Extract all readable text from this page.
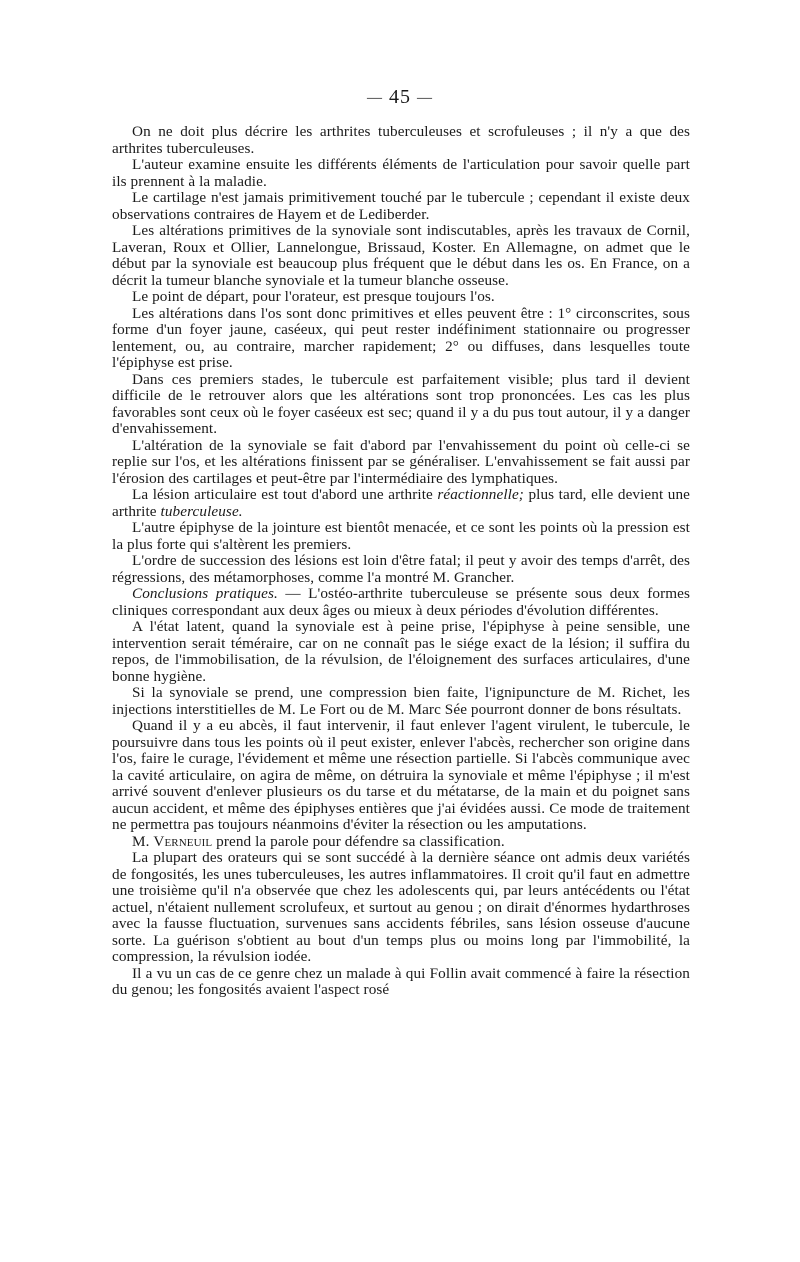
— 45 —

On ne doit plus décrire les arthrites tuberculeuses et scrofuleuses ; il n'y a que des arthrites tuberculeuses.

L'auteur examine ensuite les différents éléments de l'articulation pour savoir quelle part ils prennent à la maladie.

Le cartilage n'est jamais primitivement touché par le tubercule ; cependant il existe deux observations contraires de Hayem et de Lediberder.

Les altérations primitives de la synoviale sont indiscutables, après les travaux de Cornil, Laveran, Roux et Ollier, Lannelongue, Brissaud, Koster. En Allemagne, on admet que le début par la synoviale est beaucoup plus fréquent que le début dans les os. En France, on a décrit la tumeur blanche synoviale et la tumeur blanche osseuse.

Le point de départ, pour l'orateur, est presque toujours l'os.

Les altérations dans l'os sont donc primitives et elles peuvent être : 1° circonscrites, sous forme d'un foyer jaune, caséeux, qui peut rester indéfiniment stationnaire ou progresser lentement, ou, au contraire, marcher rapidement; 2° ou diffuses, dans lesquelles toute l'épiphyse est prise.

Dans ces premiers stades, le tubercule est parfaitement visible; plus tard il devient difficile de le retrouver alors que les altérations sont trop prononcées. Les cas les plus favorables sont ceux où le foyer caséeux est sec; quand il y a du pus tout autour, il y a danger d'envahissement.

L'altération de la synoviale se fait d'abord par l'envahissement du point où celle-ci se replie sur l'os, et les altérations finissent par se généraliser. L'envahissement se fait aussi par l'érosion des cartilages et peut-être par l'intermédiaire des lymphatiques.

La lésion articulaire est tout d'abord une arthrite réactionnelle; plus tard, elle devient une arthrite tuberculeuse.

L'autre épiphyse de la jointure est bientôt menacée, et ce sont les points où la pression est la plus forte qui s'altèrent les premiers.

L'ordre de succession des lésions est loin d'être fatal; il peut y avoir des temps d'arrêt, des régressions, des métamorphoses, comme l'a montré M. Grancher.

Conclusions pratiques. — L'ostéo-arthrite tuberculeuse se présente sous deux formes cliniques correspondant aux deux âges ou mieux à deux périodes d'évolution différentes.

A l'état latent, quand la synoviale est à peine prise, l'épiphyse à peine sensible, une intervention serait téméraire, car on ne connaît pas le siége exact de la lésion; il suffira du repos, de l'immobilisation, de la révulsion, de l'éloignement des surfaces articulaires, d'une bonne hygiène.

Si la synoviale se prend, une compression bien faite, l'ignipuncture de M. Richet, les injections interstitielles de M. Le Fort ou de M. Marc Sée pourront donner de bons résultats.

Quand il y a eu abcès, il faut intervenir, il faut enlever l'agent virulent, le tubercule, le poursuivre dans tous les points où il peut exister, enlever l'abcès, rechercher son origine dans l'os, faire le curage, l'évidement et même une résection partielle. Si l'abcès communique avec la cavité articulaire, on agira de même, on détruira la synoviale et même l'épiphyse ; il m'est arrivé souvent d'enlever plusieurs os du tarse et du métatarse, de la main et du poignet sans aucun accident, et même des épiphyses entières que j'ai évidées aussi. Ce mode de traitement ne permettra pas toujours néanmoins d'éviter la résection ou les amputations.

M. Verneuil prend la parole pour défendre sa classification.

La plupart des orateurs qui se sont succédé à la dernière séance ont admis deux variétés de fongosités, les unes tuberculeuses, les autres inflammatoires. Il croit qu'il faut en admettre une troisième qu'il n'a observée que chez les adolescents qui, par leurs antécédents ou l'état actuel, n'étaient nullement scrolufeux, et surtout au genou ; on dirait d'énormes hydarthroses avec la fausse fluctuation, survenues sans accidents fébriles, sans lésion osseuse d'aucune sorte. La guérison s'obtient au bout d'un temps plus ou moins long par l'immobilité, la compression, la révulsion iodée.

Il a vu un cas de ce genre chez un malade à qui Follin avait commencé à faire la résection du genou; les fongosités avaient l'aspect rosé
